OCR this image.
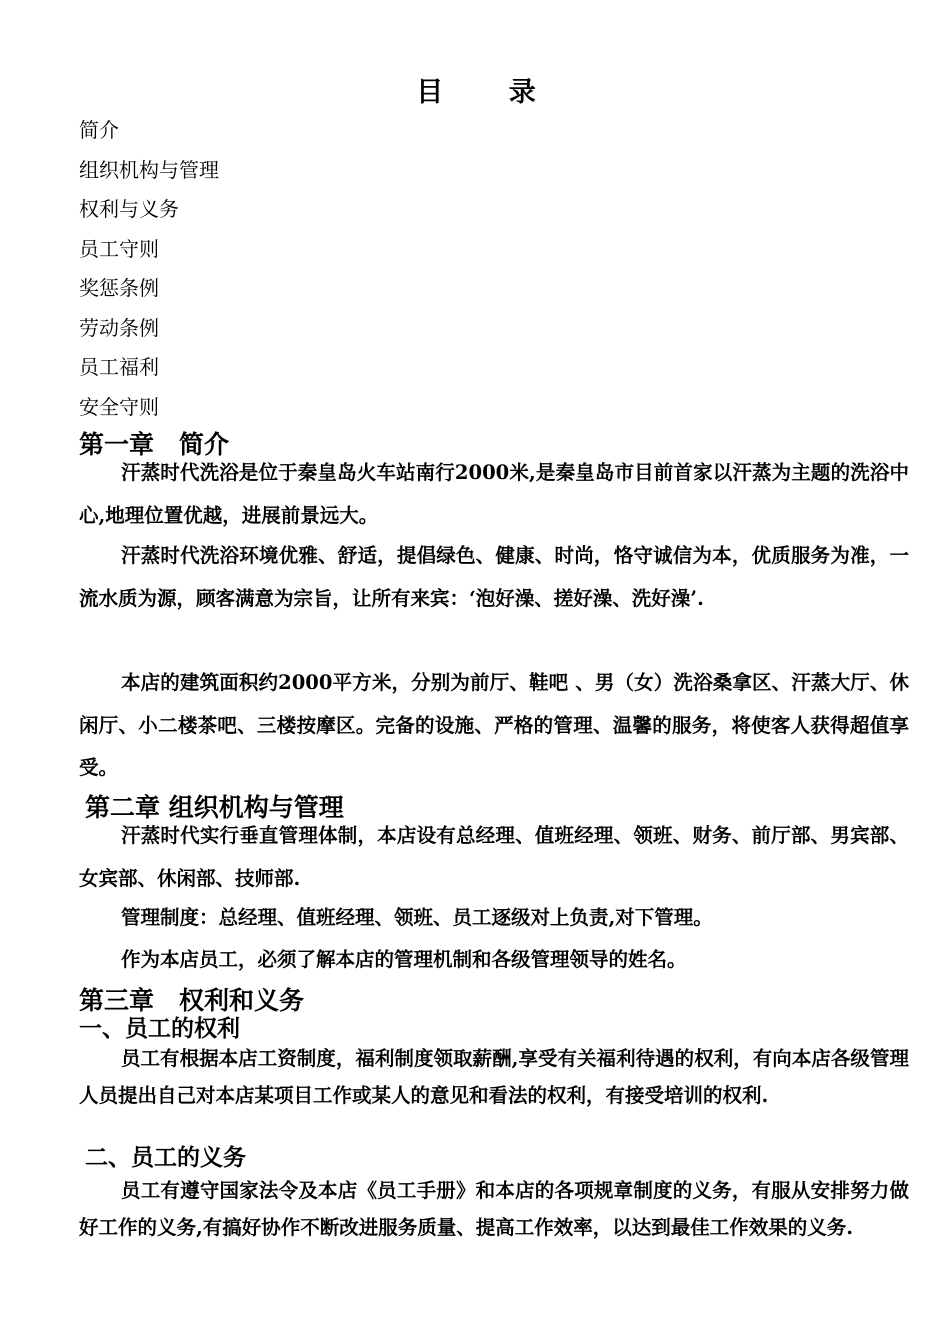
目 录
简介
组织机构与管理
权利与义务
员工守则
奖惩条例
劳动条例
员工福利
安全守则
第一章　简介

汗蒸时代洗浴是位于秦皇岛火车站南行2000米,是秦皇岛市目前首家以汗蒸为主题的洗浴中心,地理位置优越，进展前景远大。

汗蒸时代洗浴环境优雅、舒适，提倡绿色、健康、时尚，恪守诚信为本，优质服务为准，一流水质为源，顾客满意为宗旨，让所有来宾：‘泡好澡、搓好澡、洗好澡’.

本店的建筑面积约2000平方米，分别为前厅、鞋吧 、男（女）洗浴桑拿区、汗蒸大厅、休闲厅、小二楼茶吧、三楼按摩区。完备的设施、严格的管理、温馨的服务，将使客人获得超值享受。

第二章 组织机构与管理

汗蒸时代实行垂直管理体制，本店设有总经理、值班经理、领班、财务、前厅部、男宾部、女宾部、休闲部、技师部.

管理制度：总经理、值班经理、领班、员工逐级对上负责,对下管理。

作为本店员工，必须了解本店的管理机制和各级管理领导的姓名。

第三章　权利和义务
一、员工的权利

员工有根据本店工资制度，福利制度领取薪酬,享受有关福利待遇的权利，有向本店各级管理人员提出自己对本店某项目工作或某人的意见和看法的权利，有接受培训的权利.

二、员工的义务

员工有遵守国家法令及本店《员工手册》和本店的各项规章制度的义务，有服从安排努力做好工作的义务,有搞好协作不断改进服务质量、提高工作效率，以达到最佳工作效果的义务.
